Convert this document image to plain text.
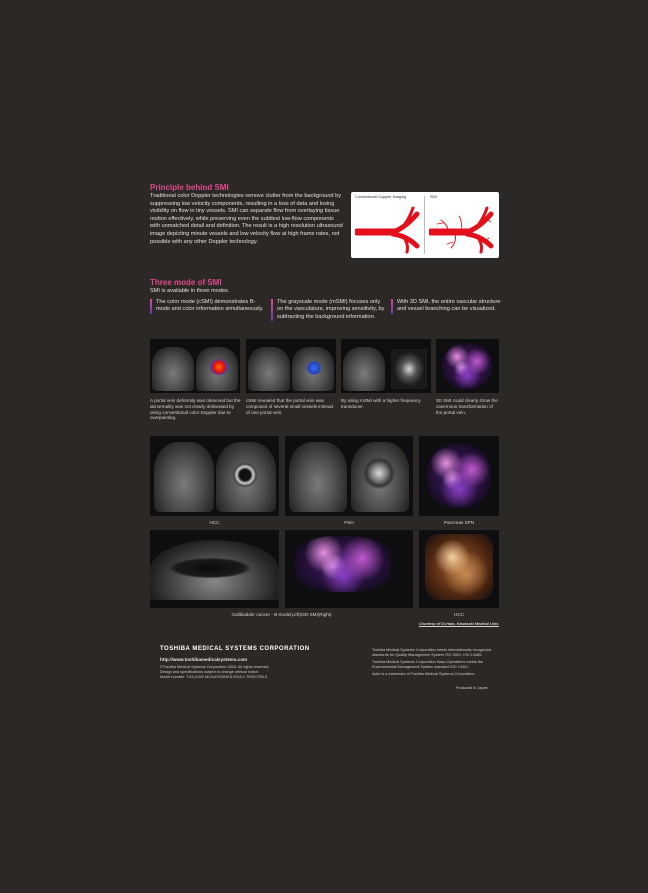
Principle behind SMI
Traditional color Doppler technologies remove clutter from the background by suppressing low velocity components, resulting in a loss of data and losing visibility on flow in tiny vessels. SMI can separate flow from overlaying tissue motion effectively, while preserving even the subtlest low-flow components with unmatched detail and definition. The result is a high resolution ultrasound image depicting minute vessels and low velocity flow at high frame rates, not possible with any other Doppler technology.
Conventional Doppler Imaging	SMI
Three mode of SMI
SMI is available in three modes.
The color mode (cSMI) demonstrates B-mode and color information simultaneously.
The grayscale mode (mSMI) focuses only on the vasculature, improving sensitivity, by subtracting the background information.
With 3D SMI, the entire vascular structure and vessel branching can be visualized.
A portal vein deformity was observed but the abnormality was not clearly delineated by using conventional color Doppler due to overpainting.
cSMI revealed that the portal vein was composed of several small vessels instead of one portal vein.
By using mSMI with a higher frequency transducer.
3D SMI could clearly show the cavernous transformation of the portal vein.
HCC	FNH	Pancreas SPN
Gallbladder cancer - B-mode(Left)/3D-SMI(Right)	HCC
Courtesy of Dr.Hata, Kawasaki Medical Univ.
TOSHIBA MEDICAL SYSTEMS CORPORATION
http://www.toshibamedicalsystems.com
©Toshiba Medical Systems Corporation 2016. All rights reserved.
Design and specifications subject to change without notice.
Model number: TUS-A300 MCAUS0264EA 2016-1 TMSC/TBLS
Toshiba Medical Systems Corporation meets internationally recognized standards for Quality Management System ISO 9001, ISO 13485.
Toshiba Medical Systems Corporation Nasu Operations meets the Environmental Management System standard ISO 14001.
Aplio is a trademark of Toshiba Medical Systems Corporation.
Produced in Japan
